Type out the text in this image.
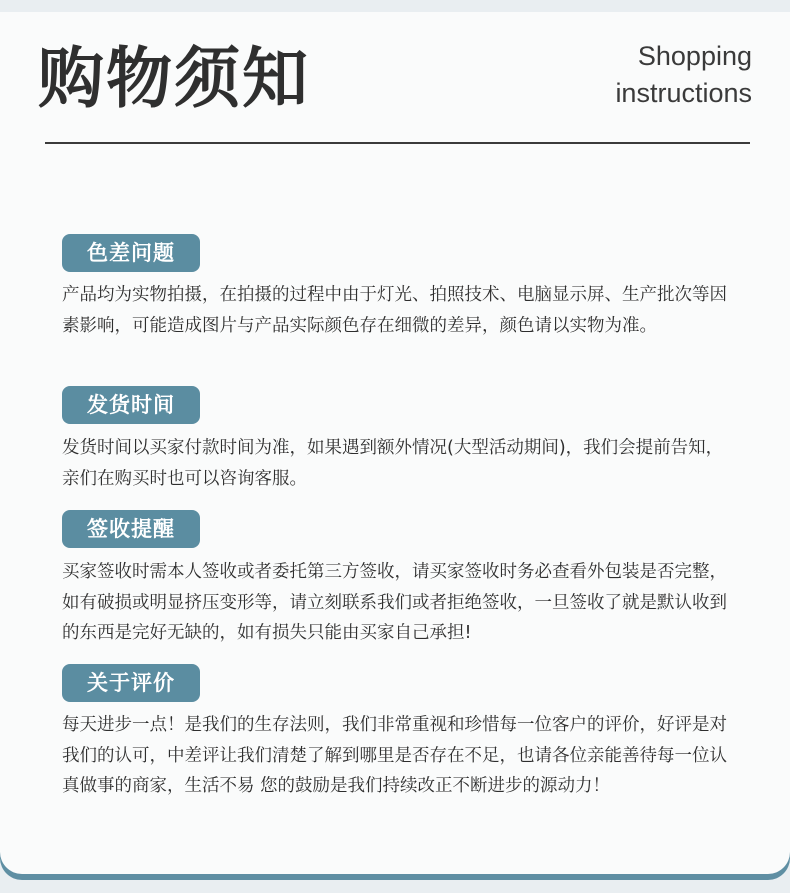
购物须知	Shopping
instructions
色差问题
产品均为实物拍摄，在拍摄的过程中由于灯光、拍照技术、电脑显示屏、生产批次等因素影响，可能造成图片与产品实际颜色存在细微的差异，颜色请以实物为准。
发货时间
发货时间以买家付款时间为准，如果遇到额外情况(大型活动期间)，我们会提前告知，亲们在购买时也可以咨询客服。
签收提醒
买家签收时需本人签收或者委托第三方签收，请买家签收时务必查看外包装是否完整，如有破损或明显挤压变形等，请立刻联系我们或者拒绝签收，一旦签收了就是默认收到的东西是完好无缺的，如有损失只能由买家自己承担!
关于评价
每天进步一点！是我们的生存法则，我们非常重视和珍惜每一位客户的评价，好评是对我们的认可，中差评让我们清楚了解到哪里是否存在不足，也请各位亲能善待每一位认真做事的商家，生活不易 您的鼓励是我们持续改正不断进步的源动力！
